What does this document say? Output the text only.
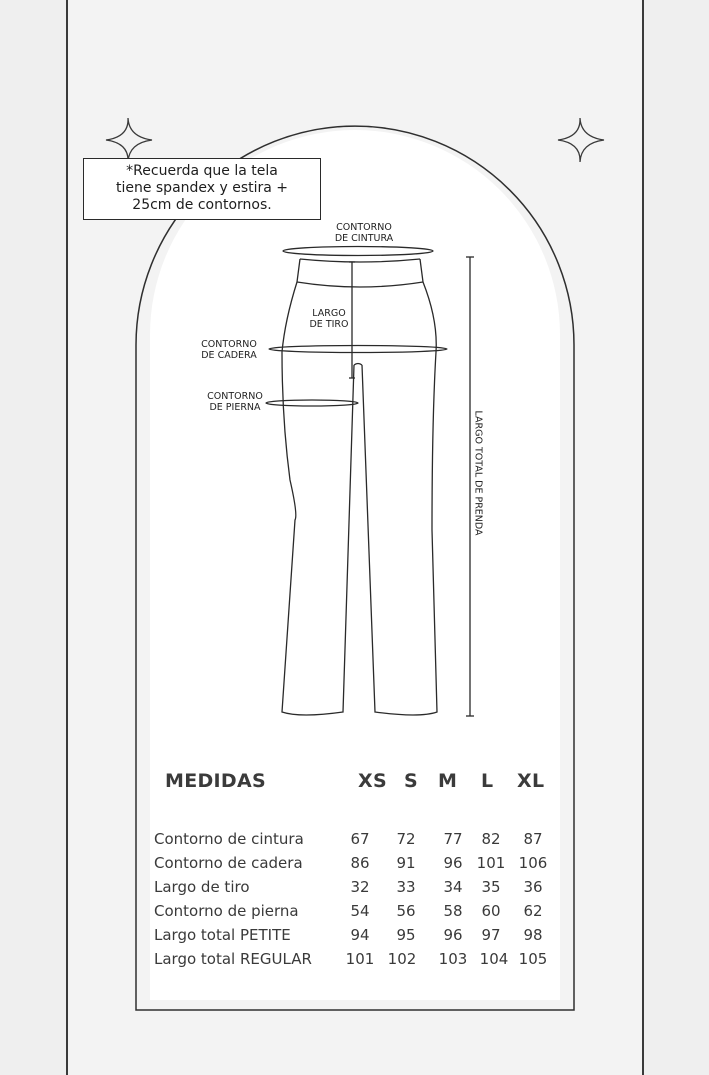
*Recuerda que la tela
tiene spandex y estira +
25cm de contornos.
CONTORNO
DE CINTURA
LARGO
DE TIRO
CONTORNO
DE CADERA
CONTORNO
DE PIERNA
LARGO TOTAL DE PRENDA
MEDIDAS	XS S M L XL
Contorno de cintura	67	72	77	82	87
Contorno de cadera	86	91	96 101 106
Largo de tiro	32	33	34	35	36
Contorno de pierna	54	56	58	60	62
Largo total PETITE	94	95	96	97	98
Largo total REGULAR	101 102	103 104 105
